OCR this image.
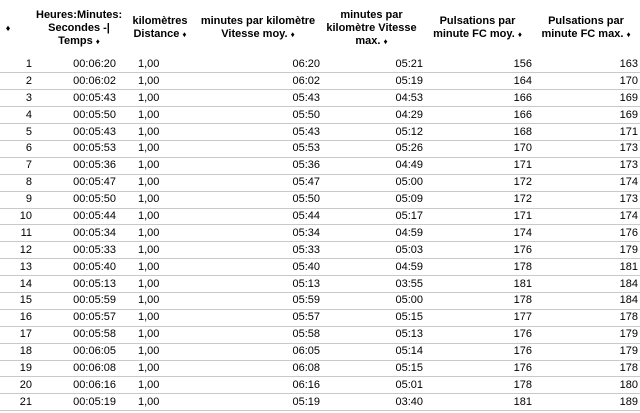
♦		Heures:Minutes: Secondes -| Temps ♦	kilomètres Distance ♦	minutes par kilomètre Vitesse moy. ♦	minutes par kilomètre Vitesse max. ♦	Pulsations par minute FC moy. ♦	Pulsations par minute FC max. ♦
	1	00:06:20	1,00	06:20	05:21	156	163
	2	00:06:02	1,00	06:02	05:19	164	170
	3	00:05:43	1,00	05:43	04:53	166	169
	4	00:05:50	1,00	05:50	04:29	166	169
	5	00:05:43	1,00	05:43	05:12	168	171
	6	00:05:53	1,00	05:53	05:26	170	173
	7	00:05:36	1,00	05:36	04:49	171	173
	8	00:05:47	1,00	05:47	05:00	172	174
	9	00:05:50	1,00	05:50	05:09	172	173
	10	00:05:44	1,00	05:44	05:17	171	174
	11	00:05:34	1,00	05:34	04:59	174	176
	12	00:05:33	1,00	05:33	05:03	176	179
	13	00:05:40	1,00	05:40	04:59	178	181
	14	00:05:13	1,00	05:13	03:55	181	184
	15	00:05:59	1,00	05:59	05:00	178	184
	16	00:05:57	1,00	05:57	05:15	177	178
	17	00:05:58	1,00	05:58	05:13	176	179
	18	00:06:05	1,00	06:05	05:14	176	179
	19	00:06:08	1,00	06:08	05:15	176	178
	20	00:06:16	1,00	06:16	05:01	178	180
	21	00:05:19	1,00	05:19	03:40	181	189
